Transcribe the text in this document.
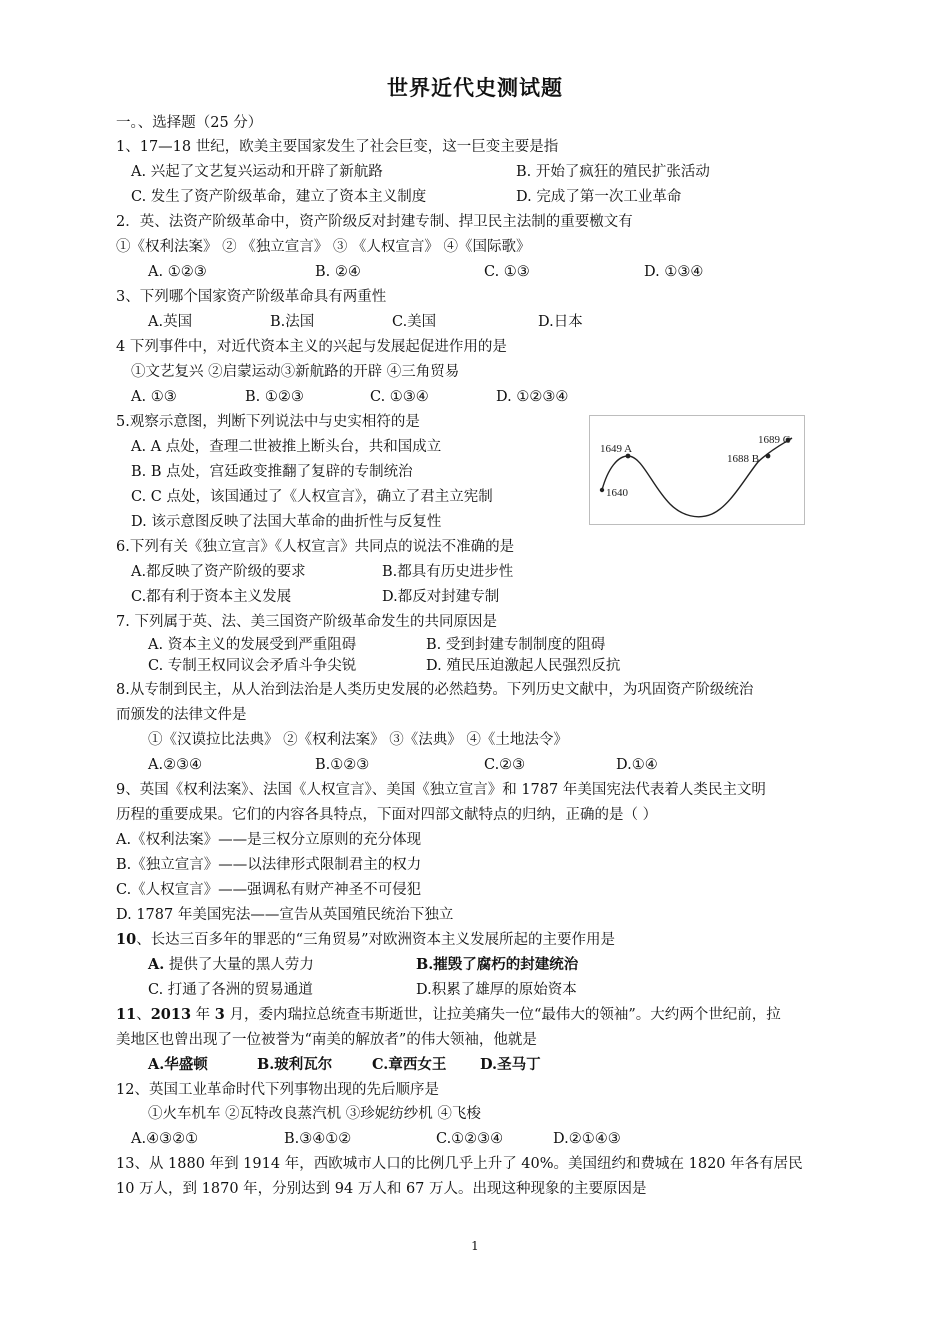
世界近代史测试题
一。、选择题（25 分）
1、17—18 世纪，欧美主要国家发生了社会巨变，这一巨变主要是指
A. 兴起了文艺复兴运动和开辟了新航路	B. 开始了疯狂的殖民扩张活动
C. 发生了资产阶级革命，建立了资本主义制度	D. 完成了第一次工业革命
2．英、法资产阶级革命中，资产阶级反对封建专制、捍卫民主法制的重要檄文有
①《权利法案》 ② 《独立宣言》 ③ 《人权宣言》 ④《国际歌》
A. ①②③	B. ②④	C. ①③	D. ①③④
3、下列哪个国家资产阶级革命具有两重性
A.英国	B.法国	C.美国	D.日本
4 下列事件中，对近代资本主义的兴起与发展起促进作用的是
①文艺复兴 ②启蒙运动③新航路的开辟 ④三角贸易
A. ①③	B. ①②③	C. ①③④	D. ①②③④
5.观察示意图，判断下列说法中与史实相符的是
A. A 点处，查理二世被推上断头台，共和国成立
B. B 点处，宫廷政变推翻了复辟的专制统治
C. C 点处，该国通过了《人权宣言》，确立了君主立宪制
D. 该示意图反映了法国大革命的曲折性与反复性
1640
1649 A
1688 B
1689 C
6.下列有关《独立宣言》《人权宣言》共同点的说法不准确的是
A.都反映了资产阶级的要求	B.都具有历史进步性
C.都有利于资本主义发展	D.都反对封建专制
7. 下列属于英、法、美三国资产阶级革命发生的共同原因是
A. 资本主义的发展受到严重阻碍	B. 受到封建专制制度的阻碍
C. 专制王权同议会矛盾斗争尖锐	D. 殖民压迫激起人民强烈反抗
8.从专制到民主，从人治到法治是人类历史发展的必然趋势。下列历史文献中，为巩固资产阶级统治
而颁发的法律文件是
①《汉谟拉比法典》 ②《权利法案》 ③《法典》 ④《土地法令》
A.②③④	B.①②③	C.②③	D.①④
9、英国《权利法案》、法国《人权宣言》、美国《独立宣言》和 1787 年美国宪法代表着人类民主文明
历程的重要成果。它们的内容各具特点，下面对四部文献特点的归纳，正确的是（ ）
A.《权利法案》——是三权分立原则的充分体现
B.《独立宣言》——以法律形式限制君主的权力
C.《人权宣言》——强调私有财产神圣不可侵犯
D. 1787 年美国宪法——宣告从英国殖民统治下独立
10、长达三百多年的罪恶的“三角贸易”对欧洲资本主义发展所起的主要作用是
A. 提供了大量的黑人劳力	B.摧毁了腐朽的封建统治
C. 打通了各洲的贸易通道	D.积累了雄厚的原始资本
11、2013 年 3 月，委内瑞拉总统查韦斯逝世，让拉美痛失一位“最伟大的领袖”。大约两个世纪前，拉
美地区也曾出现了一位被誉为“南美的解放者”的伟大领袖，他就是
A.华盛顿	B.玻利瓦尔	C.章西女王 D.圣马丁
12、英国工业革命时代下列事物出现的先后顺序是
①火车机车 ②瓦特改良蒸汽机 ③珍妮纺纱机 ④飞梭
A.④③②①	B.③④①②	C.①②③④	D.②①④③
13、从 1880 年到 1914 年，西欧城市人口的比例几乎上升了 40%。美国纽约和费城在 1820 年各有居民
10 万人，到 1870 年，分别达到 94 万人和 67 万人。出现这种现象的主要原因是
1
